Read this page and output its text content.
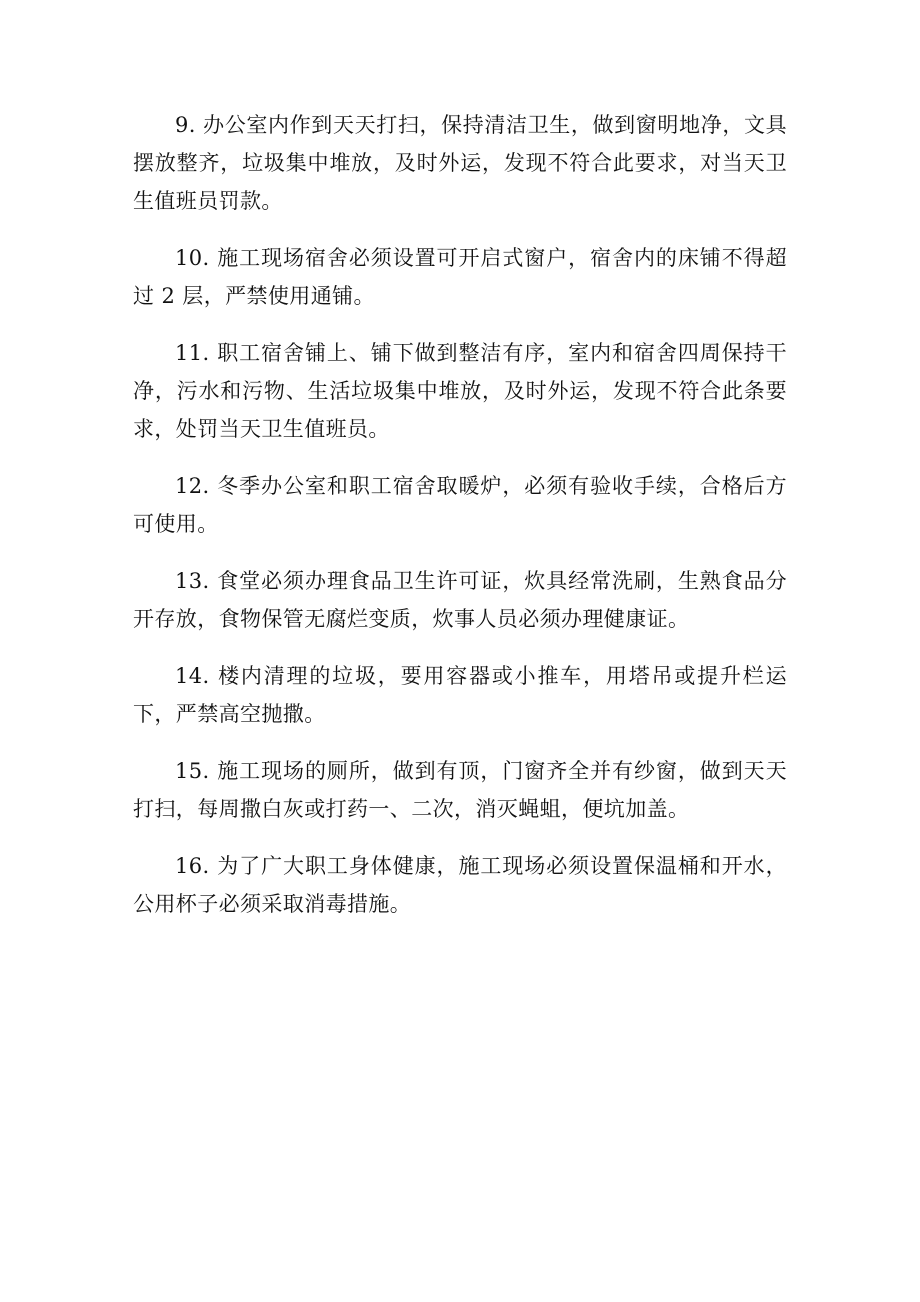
9. 办公室内作到天天打扫，保持清洁卫生，做到窗明地净，文具摆放整齐，垃圾集中堆放，及时外运，发现不符合此要求，对当天卫生值班员罚款。

10. 施工现场宿舍必须设置可开启式窗户，宿舍内的床铺不得超过 2 层，严禁使用通铺。

11. 职工宿舍铺上、铺下做到整洁有序，室内和宿舍四周保持干净，污水和污物、生活垃圾集中堆放，及时外运，发现不符合此条要求，处罚当天卫生值班员。

12. 冬季办公室和职工宿舍取暖炉，必须有验收手续，合格后方可使用。

13. 食堂必须办理食品卫生许可证，炊具经常洗刷，生熟食品分开存放，食物保管无腐烂变质，炊事人员必须办理健康证。

14. 楼内清理的垃圾，要用容器或小推车，用塔吊或提升栏运下，严禁高空抛撒。

15. 施工现场的厕所，做到有顶，门窗齐全并有纱窗，做到天天打扫，每周撒白灰或打药一、二次，消灭蝇蛆，便坑加盖。

16. 为了广大职工身体健康，施工现场必须设置保温桶和开水，公用杯子必须采取消毒措施。
